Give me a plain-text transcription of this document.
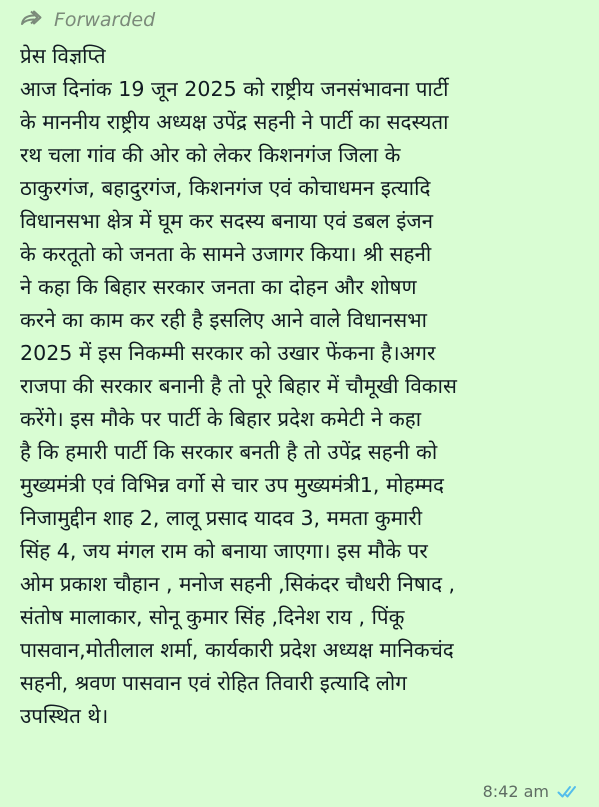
Forwarded
प्रेस विज्ञप्ति
आज दिनांक 19 जून 2025 को राष्ट्रीय जनसंभावना पार्टी
के माननीय राष्ट्रीय अध्यक्ष उपेंद्र सहनी ने पार्टी का सदस्यता
रथ चला गांव की ओर को लेकर किशनगंज जिला के
ठाकुरगंज, बहादुरगंज, किशनगंज एवं कोचाधमन इत्यादि
विधानसभा क्षेत्र में घूम कर सदस्य बनाया एवं डबल इंजन
के करतूतो को जनता के सामने उजागर किया। श्री सहनी
ने कहा कि बिहार सरकार जनता का दोहन और शोषण
करने का काम कर रही है इसलिए आने वाले विधानसभा
2025 में इस निकम्मी सरकार को उखार फेंकना है।अगर
राजपा की सरकार बनानी है तो पूरे बिहार में चौमूखी विकास
करेंगे। इस मौके पर पार्टी के बिहार प्रदेश कमेटी ने कहा
है कि हमारी पार्टी कि सरकार बनती है तो उपेंद्र सहनी को
मुख्यमंत्री एवं विभिन्न वर्गो से चार उप मुख्यमंत्री1, मोहम्मद
निजामुद्दीन शाह 2, लालू प्रसाद यादव 3, ममता कुमारी
सिंह 4, जय मंगल राम को बनाया जाएगा। इस मौके पर
ओम प्रकाश चौहान , मनोज सहनी ,सिकंदर चौधरी निषाद ,
संतोष मालाकार, सोनू कुमार सिंह ,दिनेश राय , पिंकू
पासवान,मोतीलाल शर्मा, कार्यकारी प्रदेश अध्यक्ष मानिकचंद
सहनी, श्रवण पासवान एवं रोहित तिवारी इत्यादि लोग
उपस्थित थे।
8:42 am
